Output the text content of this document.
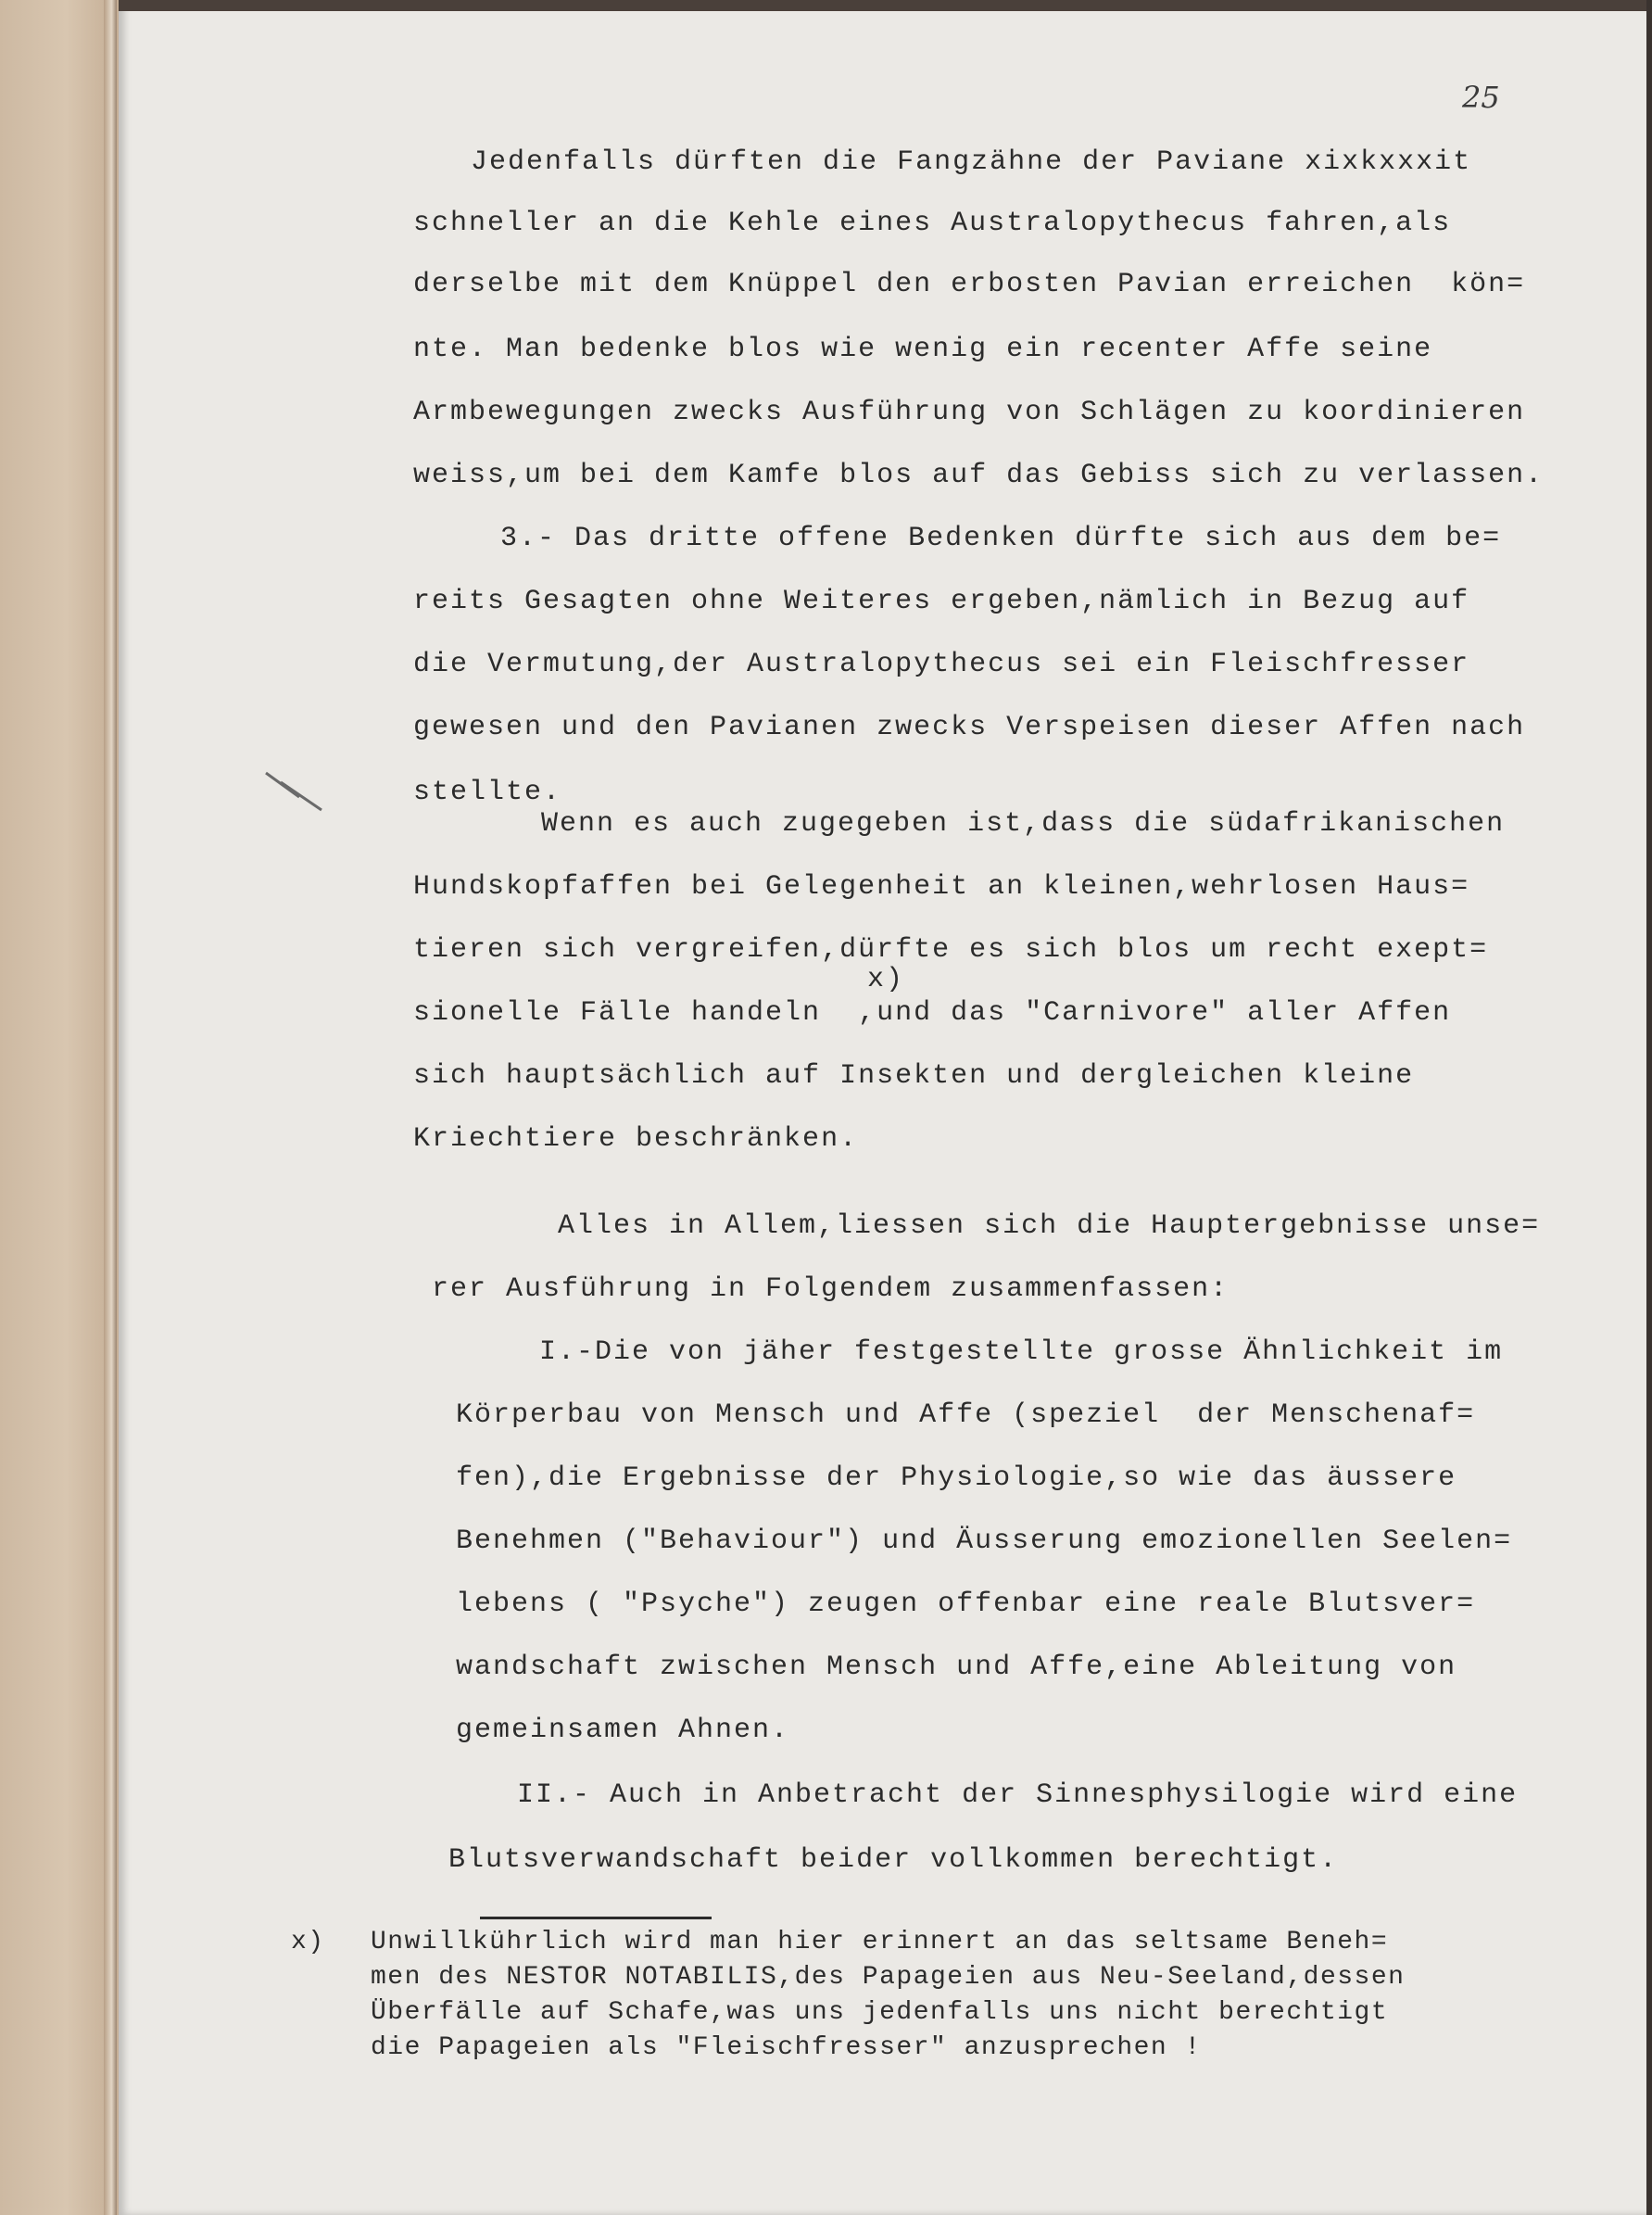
25
Jedenfalls dürften die Fangzähne der Paviane xixkxxxit
schneller an die Kehle eines Australopythecus fahren,als
derselbe mit dem Knüppel den erbosten Pavian erreichen  kön=
nte. Man bedenke blos wie wenig ein recenter Affe seine
Armbewegungen zwecks Ausführung von Schlägen zu koordinieren
weiss,um bei dem Kamfe blos auf das Gebiss sich zu verlassen.
3.- Das dritte offene Bedenken dürfte sich aus dem be=
reits Gesagten ohne Weiteres ergeben,nämlich in Bezug auf
die Vermutung,der Australopythecus sei ein Fleischfresser
gewesen und den Pavianen zwecks Verspeisen dieser Affen nach
stellte.
Wenn es auch zugegeben ist,dass die südafrikanischen
Hundskopfaffen bei Gelegenheit an kleinen,wehrlosen Haus=
tieren sich vergreifen,dürfte es sich blos um recht exept=
x)
sionelle Fälle handeln  ,und das "Carnivore" aller Affen
sich hauptsächlich auf Insekten und dergleichen kleine
Kriechtiere beschränken.
Alles in Allem,liessen sich die Hauptergebnisse unse=
rer Ausführung in Folgendem zusammenfassen:
I.-Die von jäher festgestellte grosse Ähnlichkeit im
Körperbau von Mensch und Affe (speziel  der Menschenaf=
fen),die Ergebnisse der Physiologie,so wie das äussere
Benehmen ("Behaviour") und Äusserung emozionellen Seelen=
lebens ( "Psyche") zeugen offenbar eine reale Blutsver=
wandschaft zwischen Mensch und Affe,eine Ableitung von
gemeinsamen Ahnen.
II.- Auch in Anbetracht der Sinnesphysilogie wird eine
Blutsverwandschaft beider vollkommen berechtigt.
x) Unwillkührlich wird man hier erinnert an das seltsame Beneh=
men des NESTOR NOTABILIS,des Papageien aus Neu-Seeland,dessen
Überfälle auf Schafe,was uns jedenfalls uns nicht berechtigt
die Papageien als "Fleischfresser" anzusprechen !
